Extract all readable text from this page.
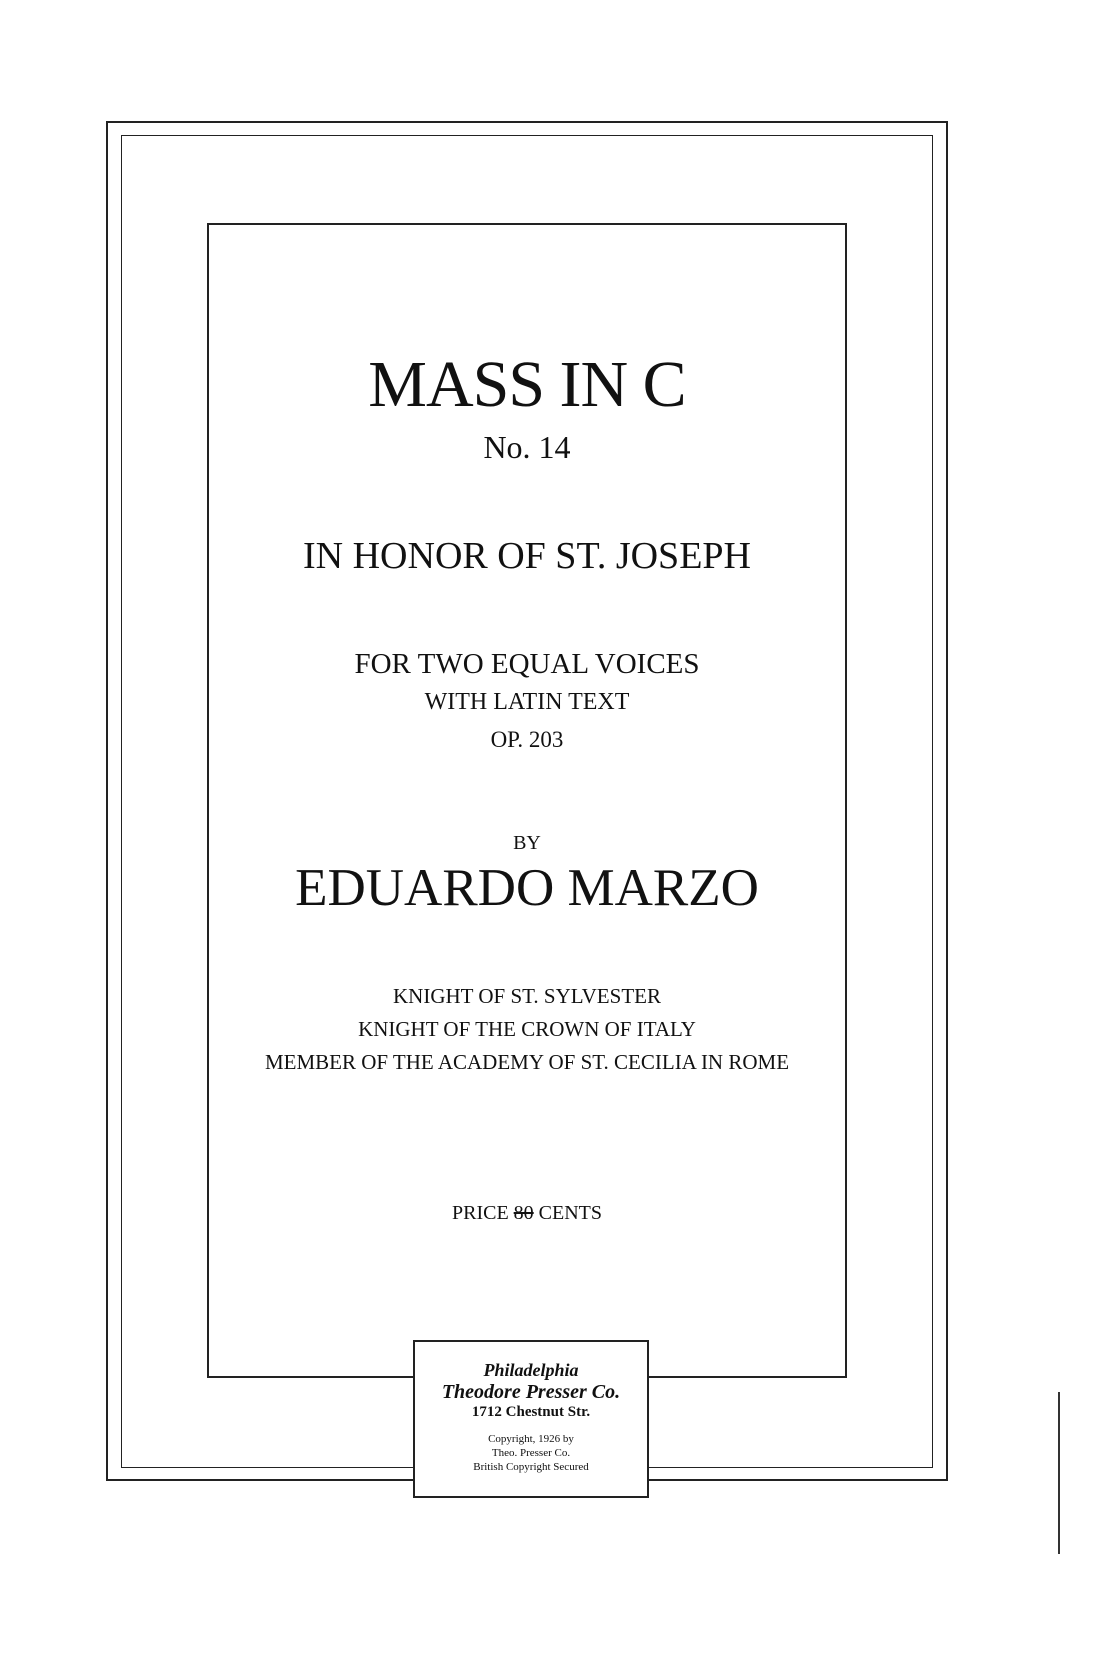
MASS IN C
No. 14
IN HONOR OF ST. JOSEPH
FOR TWO EQUAL VOICES
WITH LATIN TEXT
OP. 203
BY
EDUARDO MARZO
KNIGHT OF ST. SYLVESTER
KNIGHT OF THE CROWN OF ITALY
MEMBER OF THE ACADEMY OF ST. CECILIA IN ROME
PRICE 80 CENTS
Philadelphia
Theodore Presser Co.
1712 Chestnut Str.
Copyright, 1926 by
Theo. Presser Co.
British Copyright Secured
